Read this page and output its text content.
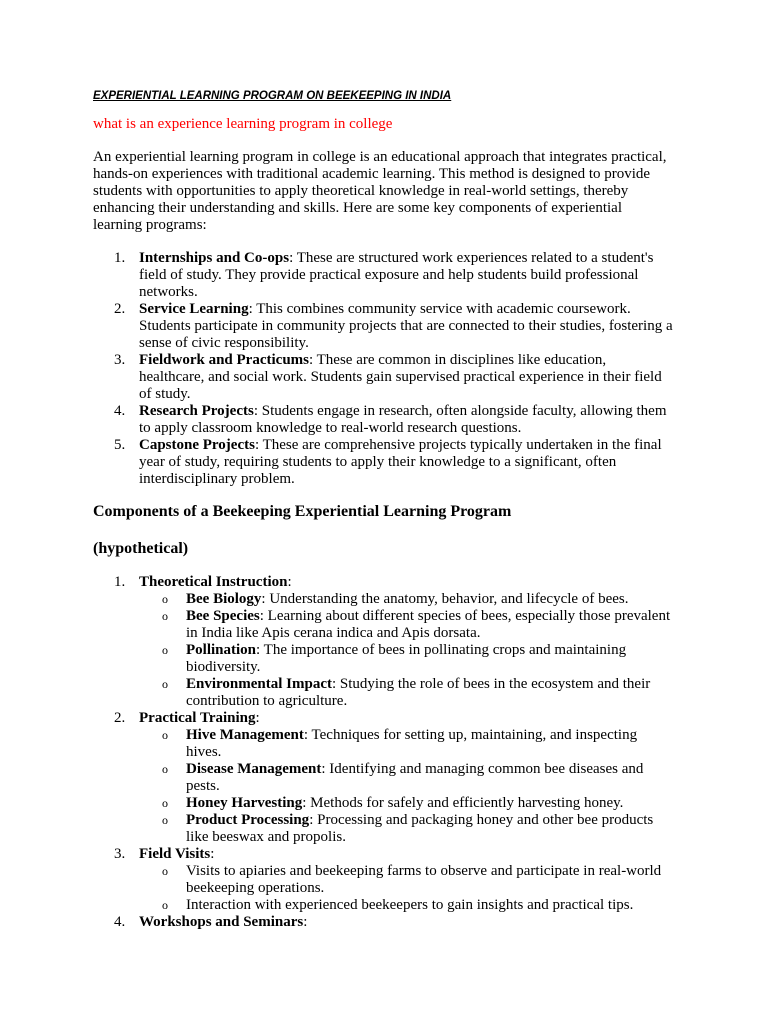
EXPERIENTIAL LEARNING PROGRAM ON BEEKEEPING IN INDIA
what is an experience learning program in college

An experiential learning program in college is an educational approach that integrates practical, hands-on experiences with traditional academic learning. This method is designed to provide students with opportunities to apply theoretical knowledge in real-world settings, thereby enhancing their understanding and skills. Here are some key components of experiential learning programs:

1. Internships and Co-ops: These are structured work experiences related to a student's field of study. They provide practical exposure and help students build professional networks.
2. Service Learning: This combines community service with academic coursework. Students participate in community projects that are connected to their studies, fostering a sense of civic responsibility.
3. Fieldwork and Practicums: These are common in disciplines like education, healthcare, and social work. Students gain supervised practical experience in their field of study.
4. Research Projects: Students engage in research, often alongside faculty, allowing them to apply classroom knowledge to real-world research questions.
5. Capstone Projects: These are comprehensive projects typically undertaken in the final year of study, requiring students to apply their knowledge to a significant, often interdisciplinary problem.
Components of a Beekeeping Experiential Learning Program
(hypothetical)
1. Theoretical Instruction:
o Bee Biology: Understanding the anatomy, behavior, and lifecycle of bees.
o Bee Species: Learning about different species of bees, especially those prevalent in India like Apis cerana indica and Apis dorsata.
o Pollination: The importance of bees in pollinating crops and maintaining biodiversity.
o Environmental Impact: Studying the role of bees in the ecosystem and their contribution to agriculture.
2. Practical Training:
o Hive Management: Techniques for setting up, maintaining, and inspecting hives.
o Disease Management: Identifying and managing common bee diseases and pests.
o Honey Harvesting: Methods for safely and efficiently harvesting honey.
o Product Processing: Processing and packaging honey and other bee products like beeswax and propolis.
3. Field Visits:
o Visits to apiaries and beekeeping farms to observe and participate in real-world beekeeping operations.
o Interaction with experienced beekeepers to gain insights and practical tips.
4. Workshops and Seminars:
